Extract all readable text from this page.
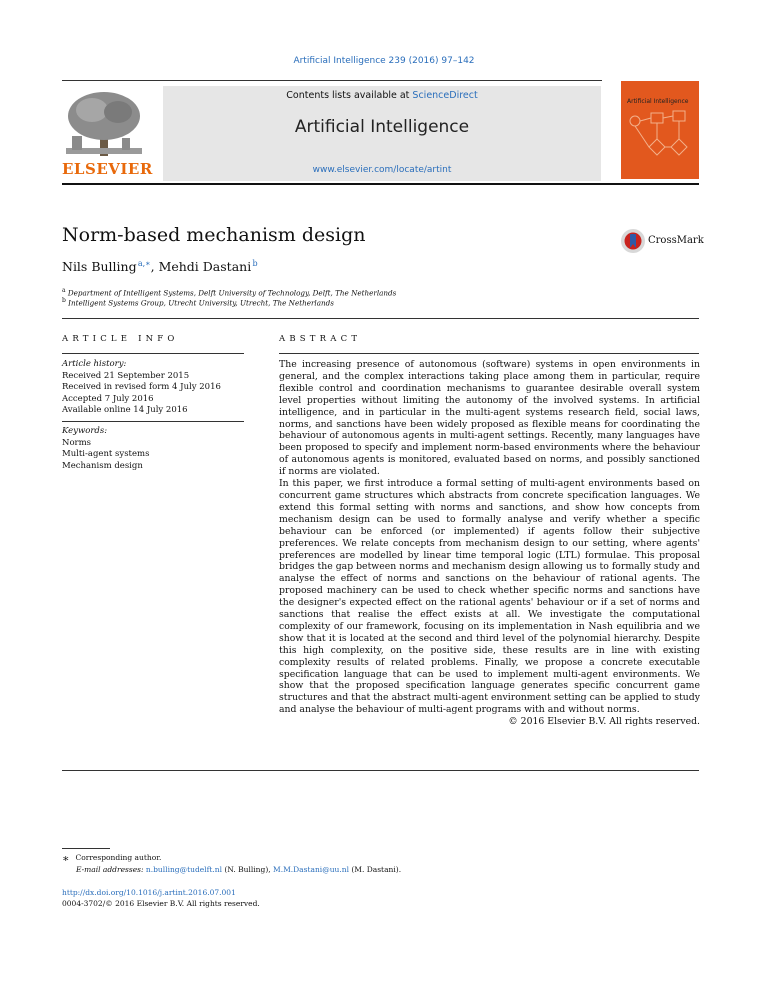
Artificial Intelligence 239 (2016) 97–142
ELSEVIER
Contents lists available at ScienceDirect
Artificial Intelligence
www.elsevier.com/locate/artint
Artificial Intelligence
Norm-based mechanism design	CrossMark
Nils Bulling $^{a,∗}$, Mehdi Dastani $^b$
$^a$ Department of Intelligent Systems, Delft University of Technology, Delft, The Netherlands
$^b$ Intelligent Systems Group, Utrecht University, Utrecht, The Netherlands
ARTICLE INFO	ABSTRACT
Article history:
Received 21 September 2015
Received in revised form 4 July 2016
Accepted 7 July 2016
Available online 14 July 2016
Keywords:
Norms
Multi-agent systems
Mechanism design

The increasing presence of autonomous (software) systems in open environments in general, and the complex interactions taking place among them in particular, require flexible control and coordination mechanisms to guarantee desirable overall system level properties without limiting the autonomy of the involved systems. In artificial intelligence, and in particular in the multi-agent systems research field, social laws, norms, and sanctions have been widely proposed as flexible means for coordinating the behaviour of autonomous agents in multi-agent settings. Recently, many languages have been proposed to specify and implement norm-based environments where the behaviour of autonomous agents is monitored, evaluated based on norms, and possibly sanctioned if norms are violated.

In this paper, we first introduce a formal setting of multi-agent environments based on concurrent game structures which abstracts from concrete specification languages. We extend this formal setting with norms and sanctions, and show how concepts from mechanism design can be used to formally analyse and verify whether a specific behaviour can be enforced (or implemented) if agents follow their subjective preferences. We relate concepts from mechanism design to our setting, where agents' preferences are modelled by linear time temporal logic (LTL) formulae. This proposal bridges the gap between norms and mechanism design allowing us to formally study and analyse the effect of norms and sanctions on the behaviour of rational agents. The proposed machinery can be used to check whether specific norms and sanctions have the designer's expected effect on the rational agents' behaviour or if a set of norms and sanctions that realise the effect exists at all. We investigate the computational complexity of our framework, focusing on its implementation in Nash equilibria and we show that it is located at the second and third level of the polynomial hierarchy. Despite this high complexity, on the positive side, these results are in line with existing complexity results of related problems. Finally, we propose a concrete executable specification language that can be used to implement multi-agent environments. We show that the proposed specification language generates specific concurrent game structures and that the abstract multi-agent environment setting can be applied to study and analyse the behaviour of multi-agent programs with and without norms.

© 2016 Elsevier B.V. All rights reserved.

∗ Corresponding author.
E-mail addresses: n.bulling@tudelft.nl (N. Bulling), M.M.Dastani@uu.nl (M. Dastani).
http://dx.doi.org/10.1016/j.artint.2016.07.001
0004-3702/© 2016 Elsevier B.V. All rights reserved.
